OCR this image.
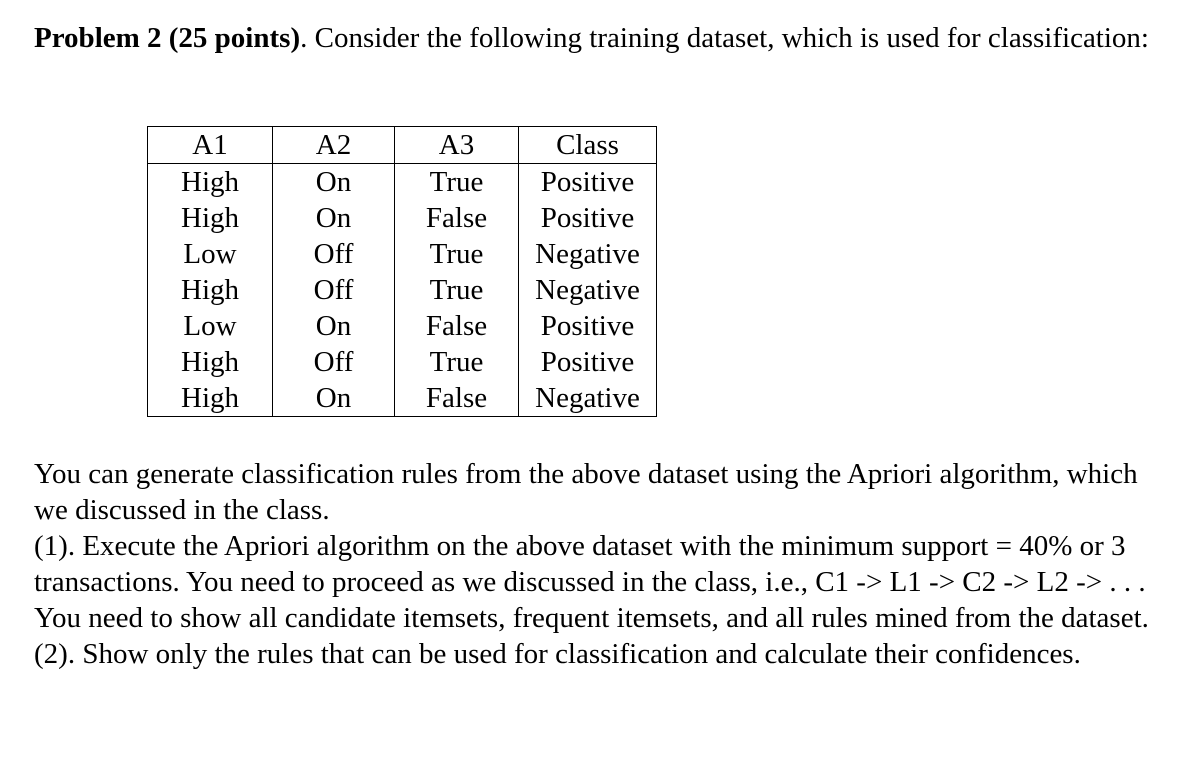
Problem 2 (25 points). Consider the following training dataset, which is used for classification:

A1	A2	A3	Class
High	On	True	Positive
High	On	False	Positive
Low	Off	True	Negative
High	Off	True	Negative
Low	On	False	Positive
High	Off	True	Positive
High	On	False	Negative

You can generate classification rules from the above dataset using the Apriori algorithm, which we discussed in the class.

(1). Execute the Apriori algorithm on the above dataset with the minimum support = 40% or 3 transactions. You need to proceed as we discussed in the class, i.e., C1 -> L1 -> C2 -> L2 -> . . . You need to show all candidate itemsets, frequent itemsets, and all rules mined from the dataset.

(2). Show only the rules that can be used for classification and calculate their confidences.
